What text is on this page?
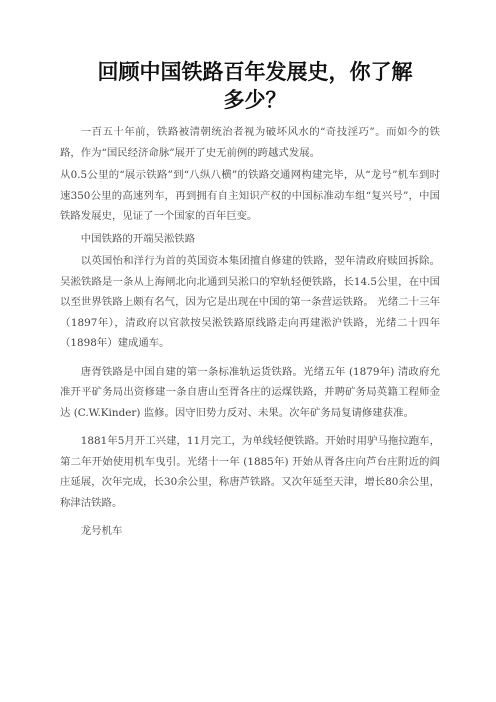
回顾中国铁路百年发展史，你了解多少？

一百五十年前，铁路被清朝统治者视为破坏风水的“奇技淫巧”。而如今的铁路，作为“国民经济命脉”展开了史无前例的跨越式发展。

从0.5公里的“展示铁路”到“八纵八横”的铁路交通网构建完毕，从“龙号”机车到时速350公里的高速列车，再到拥有自主知识产权的中国标准动车组“复兴号”，中国铁路发展史，见证了一个国家的百年巨变。

中国铁路的开端吴淞铁路

以英国怡和洋行为首的英国资本集团擅自修建的铁路，翌年清政府赎回拆除。吴淞铁路是一条从上海闸北向北通到吴淞口的窄轨轻便铁路，长14.5公里，在中国以至世界铁路上颇有名气，因为它是出现在中国的第一条营运铁路。 光绪二十三年（1897年），清政府以官款按吴淞铁路原线路走向再建淞沪铁路，光绪二十四年（1898年）建成通车。

唐胥铁路是中国自建的第一条标准轨运货铁路。光绪五年 (1879年) 清政府允准开平矿务局出资修建一条自唐山至胥各庄的运煤铁路，并聘矿务局英籍工程师金达 (C.W.Kinder) 监修。因守旧势力反对、未果。次年矿务局复请修建获准。

1881年5月开工兴建，11月完工，为单线轻便铁路。开始时用驴马拖拉跑车，第二年开始使用机车曳引。光绪十一年 (1885年) 开始从胥各庄向芦台庄附近的阎庄延展，次年完成，长30余公里，称唐芦铁路。又次年延至天津，增长80余公里，称津沽铁路。

龙号机车
